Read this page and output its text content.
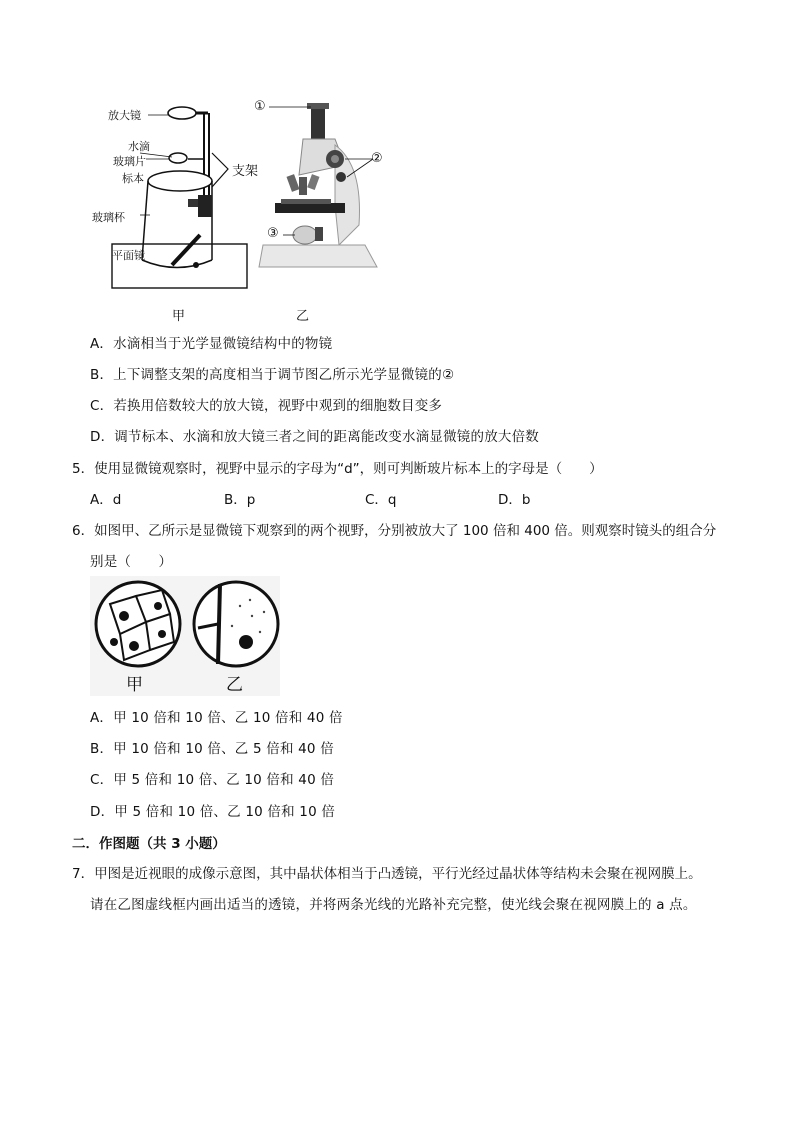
放大镜
水滴
玻璃片
标本
玻璃杯
平面镜
支架
甲
①
②
③
乙
A．水滴相当于光学显微镜结构中的物镜
B．上下调整支架的高度相当于调节图乙所示光学显微镜的②
C．若换用倍数较大的放大镜，视野中观到的细胞数目变多
D．调节标本、水滴和放大镜三者之间的距离能改变水滴显微镜的放大倍数
5．使用显微镜观察时，视野中显示的字母为“d”，则可判断玻片标本上的字母是（　　）
A．d	B．p	C．q	D．b
6．如图甲、乙所示是显微镜下观察到的两个视野，分别被放大了 100 倍和 400 倍。则观察时镜头的组合分
别是（　　）
甲	乙
A．甲 10 倍和 10 倍、乙 10 倍和 40 倍
B．甲 10 倍和 10 倍、乙 5 倍和 40 倍
C．甲 5 倍和 10 倍、乙 10 倍和 40 倍
D．甲 5 倍和 10 倍、乙 10 倍和 10 倍
二．作图题（共 3 小题）
7．甲图是近视眼的成像示意图，其中晶状体相当于凸透镜，平行光经过晶状体等结构未会聚在视网膜上。
请在乙图虚线框内画出适当的透镜，并将两条光线的光路补充完整，使光线会聚在视网膜上的 a 点。
